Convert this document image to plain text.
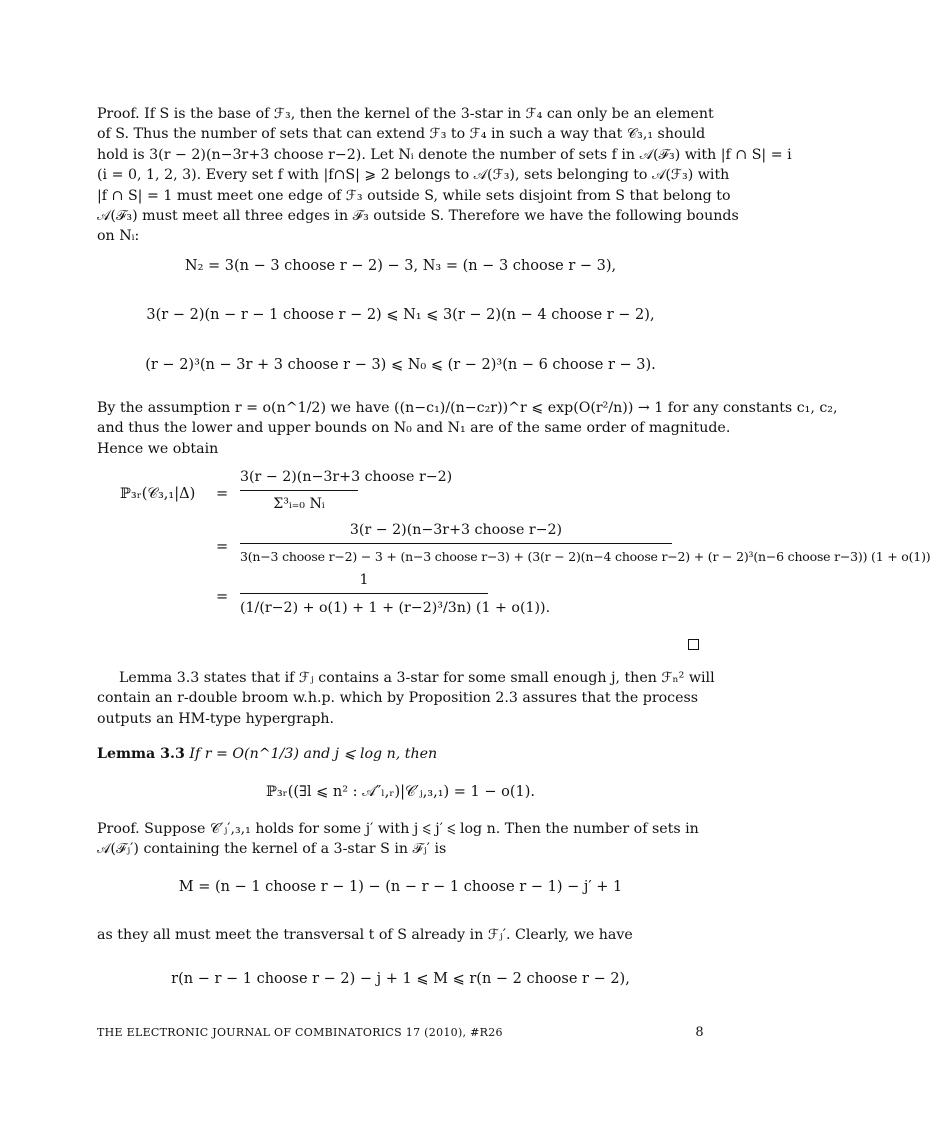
Proof. If S is the base of ℱ₃, then the kernel of the 3-star in ℱ₄ can only be an element
of S. Thus the number of sets that can extend ℱ₃ to ℱ₄ in such a way that 𝒞₃,₁ should
hold is 3(r − 2)(n−3r+3 choose r−2). Let Nᵢ denote the number of sets f in 𝒜(ℱ₃) with |f ∩ S| = i
(i = 0, 1, 2, 3). Every set f with |f∩S| ⩾ 2 belongs to 𝒜(ℱ₃), sets belonging to 𝒜(ℱ₃) with
|f ∩ S| = 1 must meet one edge of ℱ₃ outside S, while sets disjoint from S that belong to
𝒜(ℱ₃) must meet all three edges in ℱ₃ outside S. Therefore we have the following bounds
on Nᵢ:
N₂ = 3(n − 3 choose r − 2) − 3, N₃ = (n − 3 choose r − 3),
3(r − 2)(n − r − 1 choose r − 2) ⩽ N₁ ⩽ 3(r − 2)(n − 4 choose r − 2),
(r − 2)³(n − 3r + 3 choose r − 3) ⩽ N₀ ⩽ (r − 2)³(n − 6 choose r − 3).
By the assumption r = o(n^1/2) we have ((n−c₁)/(n−c₂r))^r ⩽ exp(O(r²/n)) → 1 for any constants c₁, c₂,
and thus the lower and upper bounds on N₀ and N₁ are of the same order of magnitude.
Hence we obtain
ℙ₃ᵣ(𝒞₃,₁|Δ) =
3(r − 2)(n−3r+3 choose r−2)
Σ³ᵢ₌₀ Nᵢ
=
3(r − 2)(n−3r+3 choose r−2)
3(n−3 choose r−2) − 3 + (n−3 choose r−3) + (3(r − 2)(n−4 choose r−2) + (r − 2)³(n−6 choose r−3)) (1 + o(1))
=
1
(1/(r−2) + o(1) + 1 + (r−2)³/3n) (1 + o(1)).
Lemma 3.3 states that if ℱⱼ contains a 3-star for some small enough j, then ℱₙ² will
contain an r-double broom w.h.p. which by Proposition 2.3 assures that the process
outputs an HM-type hypergraph.
Lemma 3.3 If r = O(n^1/3) and j ⩽ log n, then
ℙ₃ᵣ((∃l ⩽ n² : 𝒜″ₗ,ᵣ)|𝒞′ⱼ,₃,₁) = 1 − o(1).
Proof. Suppose 𝒞′ⱼ′,₃,₁ holds for some j′ with j ⩽ j′ ⩽ log n. Then the number of sets in
𝒜(ℱⱼ′) containing the kernel of a 3-star S in ℱⱼ′ is
M = (n − 1 choose r − 1) − (n − r − 1 choose r − 1) − j′ + 1
as they all must meet the transversal t of S already in ℱⱼ′. Clearly, we have
r(n − r − 1 choose r − 2) − j + 1 ⩽ M ⩽ r(n − 2 choose r − 2),
THE ELECTRONIC JOURNAL OF COMBINATORICS 17 (2010), #R26	8
